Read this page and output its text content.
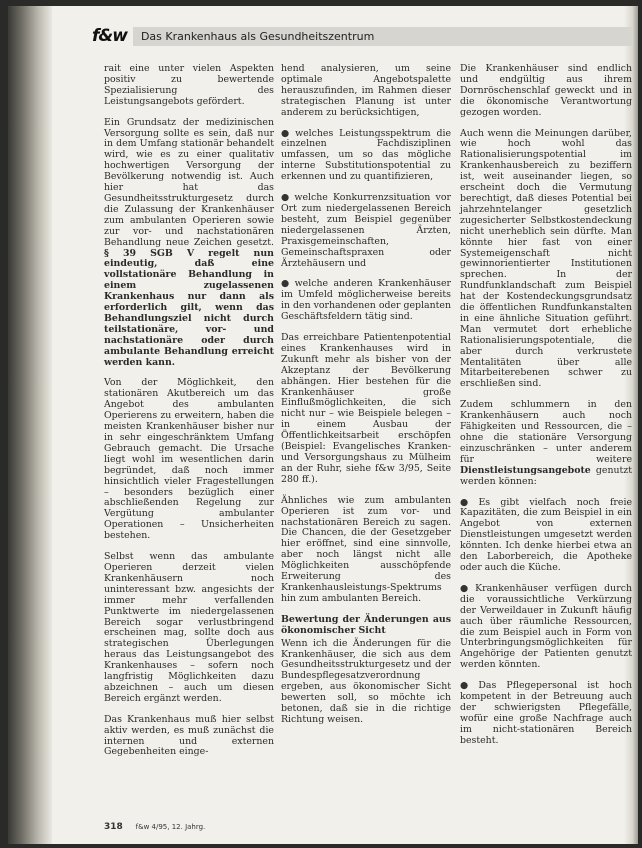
f&w	Das Krankenhaus als Gesundheitszentrum

rait eine unter vielen Aspekten positiv zu bewertende Spezialisierung des Leistungsangebots gefördert.

Ein Grundsatz der medizinischen Versorgung sollte es sein, daß nur in dem Umfang stationär behandelt wird, wie es zu einer qualitativ hochwertigen Versorgung der Bevölkerung notwendig ist. Auch hier hat das Gesundheitsstrukturgesetz durch die Zulassung der Krankenhäuser zum ambulanten Operieren sowie zur vor- und nachstationären Behandlung neue Zeichen gesetzt. § 39 SGB V regelt nun eindeutig, daß eine vollstationäre Behandlung in einem zugelassenen Krankenhaus nur dann als erforderlich gilt, wenn das Behandlungsziel nicht durch teilstationäre, vor- und nachstationäre oder durch ambulante Behandlung erreicht werden kann.

Von der Möglichkeit, den stationären Akutbereich um das Angebot des ambulanten Operierens zu erweitern, haben die meisten Krankenhäuser bisher nur in sehr eingeschränktem Umfang Gebrauch gemacht. Die Ursache liegt wohl im wesentlichen darin begründet, daß noch immer hinsichtlich vieler Fragestellungen – besonders bezüglich einer abschließenden Regelung zur Vergütung ambulanter Operationen – Unsicherheiten bestehen.

Selbst wenn das ambulante Operieren derzeit vielen Krankenhäusern noch uninteressant bzw. angesichts der immer mehr verfallenden Punktwerte im niedergelassenen Bereich sogar verlustbringend erscheinen mag, sollte doch aus strategischen Überlegungen heraus das Leistungsangebot des Krankenhauses – sofern noch langfristig Möglichkeiten dazu abzeichnen – auch um diesen Bereich ergänzt werden.

Das Krankenhaus muß hier selbst aktiv werden, es muß zunächst die internen und externen Gegebenheiten einge-

hend analysieren, um seine optimale Angebotspalette herauszufinden, im Rahmen dieser strategischen Planung ist unter anderem zu berücksichtigen,

● welches Leistungsspektrum die einzelnen Fachdisziplinen umfassen, um so das mögliche interne Substitutionspotential zu erkennen und zu quantifizieren,

● welche Konkurrenzsituation vor Ort zum niedergelassenen Bereich besteht, zum Beispiel gegenüber niedergelassenen Ärzten, Praxisgemeinschaften, Gemeinschaftspraxen oder Ärztehäusern und

● welche anderen Krankenhäuser im Umfeld möglicherweise bereits in den vorhandenen oder geplanten Geschäftsfeldern tätig sind.

Das erreichbare Patientenpotential eines Krankenhauses wird in Zukunft mehr als bisher von der Akzeptanz der Bevölkerung abhängen. Hier bestehen für die Krankenhäuser große Einflußmöglichkeiten, die sich nicht nur – wie Beispiele belegen – in einem Ausbau der Öffentlichkeitsarbeit erschöpfen (Beispiel: Evangelisches Kranken- und Versorgungshaus zu Mülheim an der Ruhr, siehe f&w 3/95, Seite 280 ff.).

Ähnliches wie zum ambulanten Operieren ist zum vor- und nachstationären Bereich zu sagen. Die Chancen, die der Gesetzgeber hier eröffnet, sind eine sinnvolle, aber noch längst nicht alle Möglichkeiten ausschöpfende Erweiterung des Krankenhausleistungs-Spektrums hin zum ambulanten Bereich.

Bewertung der Änderungen aus ökonomischer Sicht

Wenn ich die Änderungen für die Krankenhäuser, die sich aus dem Gesundheitsstrukturgesetz und der Bundespflegesatzverordnung ergeben, aus ökonomischer Sicht bewerten soll, so möchte ich betonen, daß sie in die richtige Richtung weisen.

Die Krankenhäuser sind endlich und endgültig aus ihrem Dornröschenschlaf geweckt und in die ökonomische Verantwortung gezogen worden.

Auch wenn die Meinungen darüber, wie hoch wohl das Rationalisierungspotential im Krankenhausbereich zu beziffern ist, weit auseinander liegen, so erscheint doch die Vermutung berechtigt, daß dieses Potential bei jahrzehntelanger gesetzlich zugesicherter Selbstkostendeckung nicht unerheblich sein dürfte. Man könnte hier fast von einer Systemeigenschaft nicht gewinnorientierter Institutionen sprechen. In der Rundfunklandschaft zum Beispiel hat der Kostendeckungsgrundsatz die öffentlichen Rundfunkanstalten in eine ähnliche Situation geführt. Man vermutet dort erhebliche Rationalisierungspotentiale, die aber durch verkrustete Mentalitäten über alle Mitarbeiterebenen schwer zu erschließen sind.

Zudem schlummern in den Krankenhäusern auch noch Fähigkeiten und Ressourcen, die – ohne die stationäre Versorgung einzuschränken – unter anderem für weitere Dienstleistungsangebote genutzt werden können:

● Es gibt vielfach noch freie Kapazitäten, die zum Beispiel in ein Angebot von externen Dienstleistungen umgesetzt werden könnten. Ich denke hierbei etwa an den Laborbereich, die Apotheke oder auch die Küche.

● Krankenhäuser verfügen durch die voraussichtliche Verkürzung der Verweildauer in Zukunft häufig auch über räumliche Ressourcen, die zum Beispiel auch in Form von Unterbringungsmöglichkeiten für Angehörige der Patienten genutzt werden könnten.

● Das Pflegepersonal ist hoch kompetent in der Betreuung auch der schwierigsten Pflegefälle, wofür eine große Nachfrage auch im nicht-stationären Bereich besteht.

318 f&w 4/95, 12. Jahrg.
